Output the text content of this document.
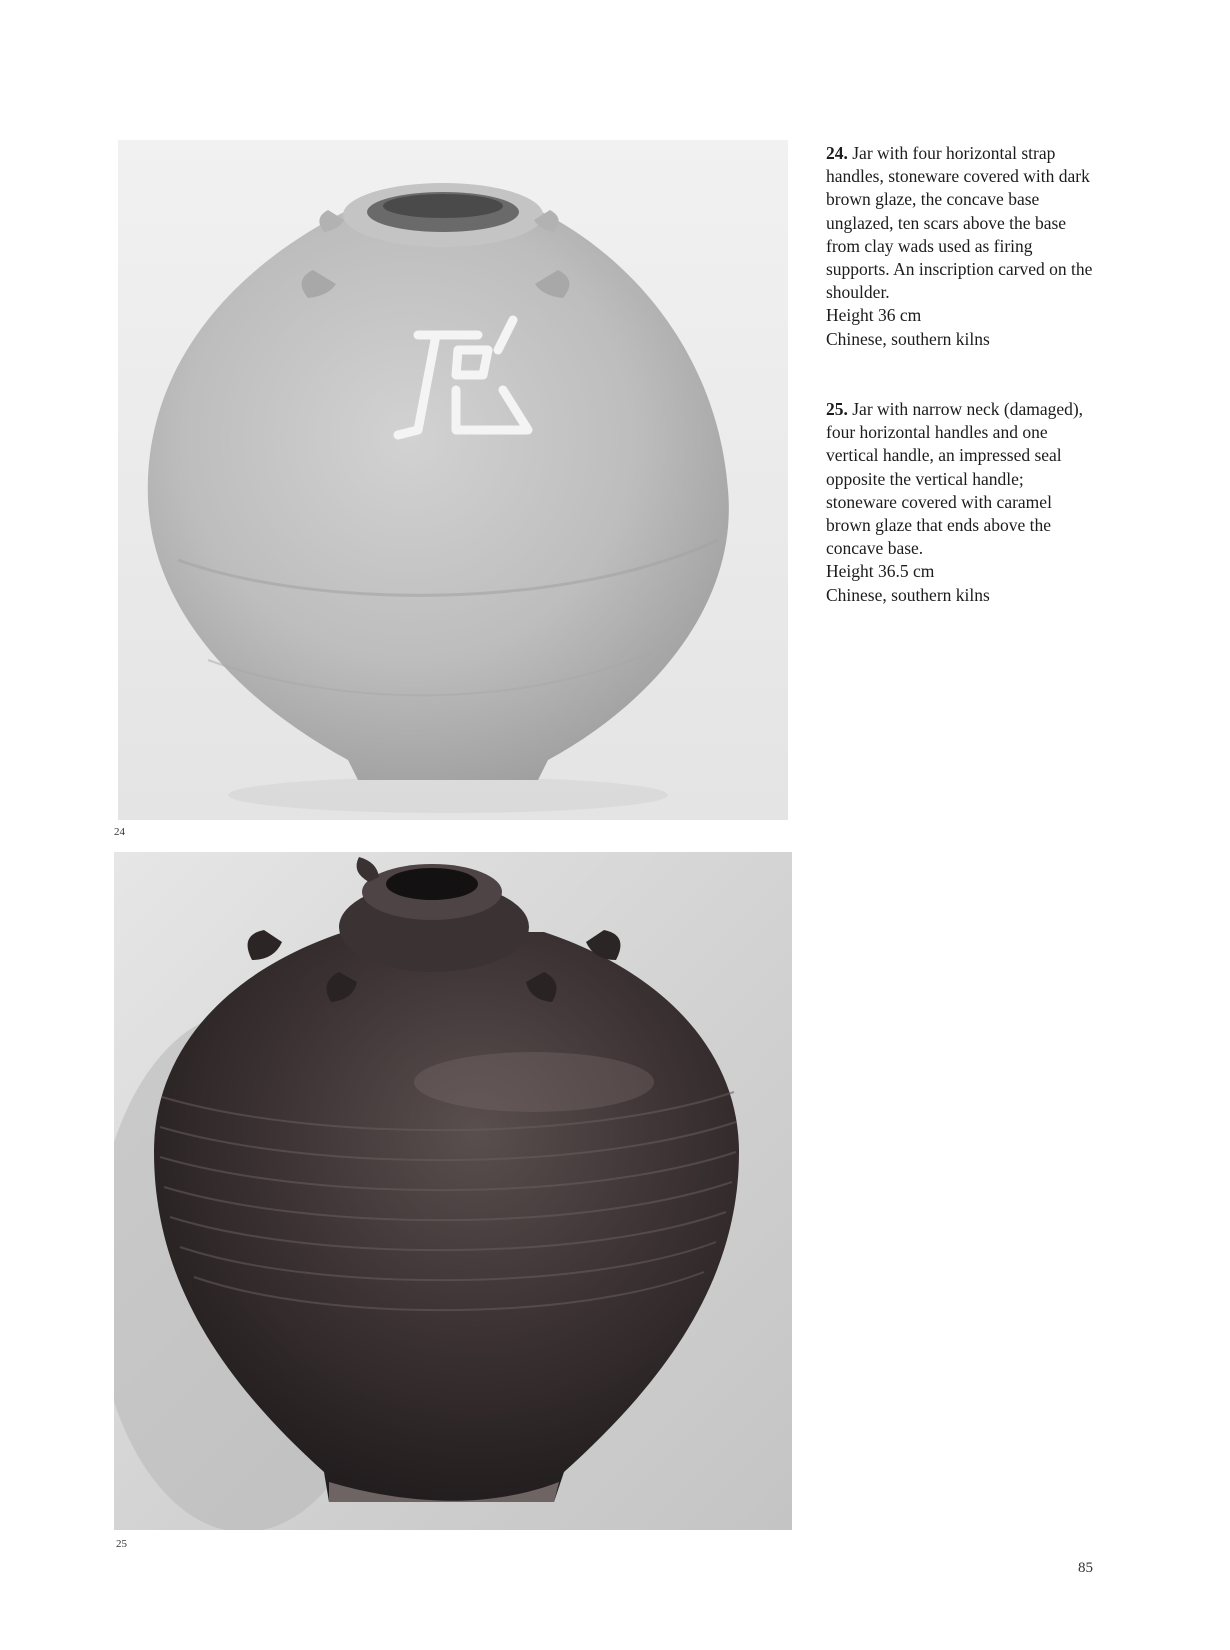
24
25

24. Jar with four horizontal strap handles, stoneware covered with dark brown glaze, the concave base unglazed, ten scars above the base from clay wads used as firing supports. An inscription carved on the shoulder.
Height 36 cm
Chinese, southern kilns

25. Jar with narrow neck (damaged), four horizontal handles and one vertical handle, an impressed seal opposite the vertical handle; stoneware covered with caramel brown glaze that ends above the concave base.
Height 36.5 cm
Chinese, southern kilns

85
